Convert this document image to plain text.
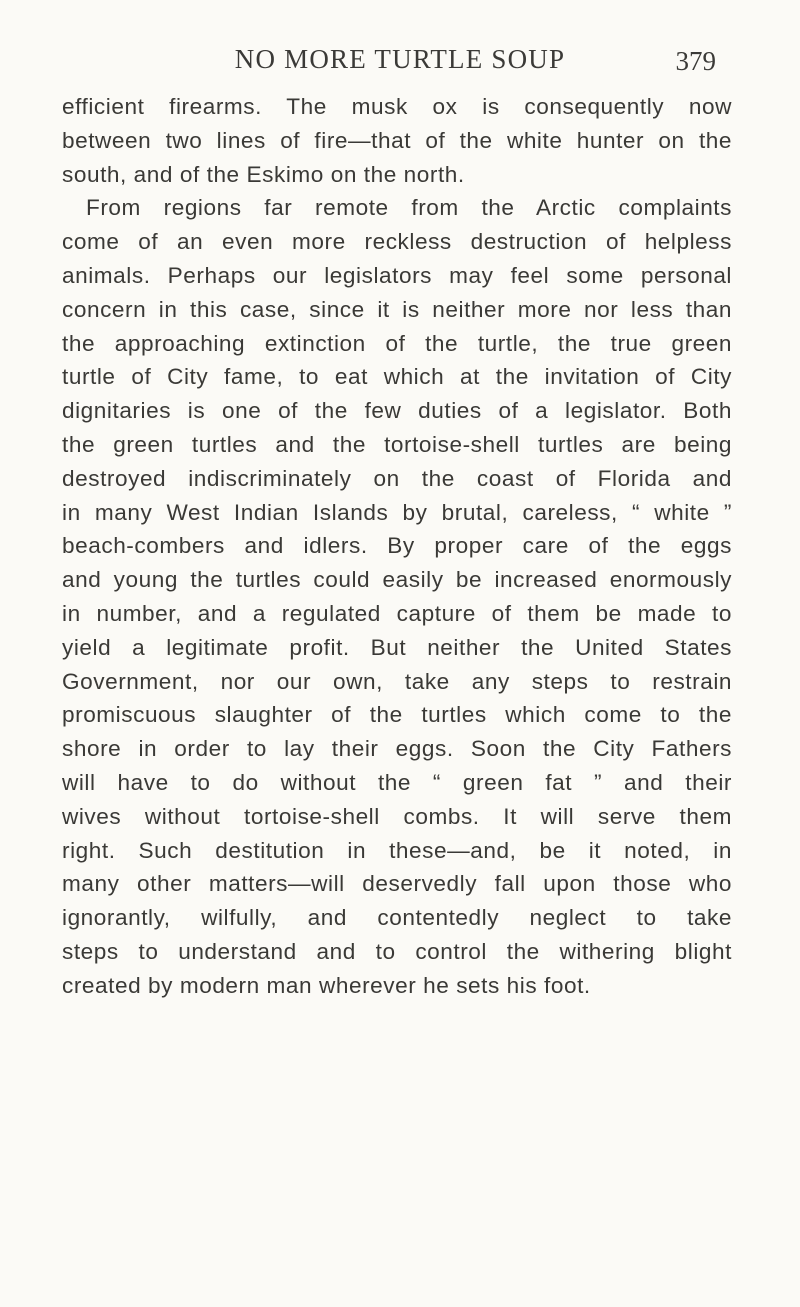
NO MORE TURTLE SOUP	379
efficient firearms. The musk ox is consequently now
between two lines of fire—that of the white hunter on the
south, and of the Eskimo on the north.
From regions far remote from the Arctic complaints
come of an even more reckless destruction of helpless
animals. Perhaps our legislators may feel some personal
concern in this case, since it is neither more nor less than
the approaching extinction of the turtle, the true green
turtle of City fame, to eat which at the invitation of City
dignitaries is one of the few duties of a legislator. Both
the green turtles and the tortoise-shell turtles are being
destroyed indiscriminately on the coast of Florida and
in many West Indian Islands by brutal, careless, “ white ”
beach-combers and idlers. By proper care of the eggs
and young the turtles could easily be increased enormously
in number, and a regulated capture of them be made to
yield a legitimate profit. But neither the United States
Government, nor our own, take any steps to restrain
promiscuous slaughter of the turtles which come to the
shore in order to lay their eggs. Soon the City Fathers
will have to do without the “ green fat ” and their
wives without tortoise-shell combs. It will serve them
right. Such destitution in these—and, be it noted, in
many other matters—will deservedly fall upon those who
ignorantly, wilfully, and contentedly neglect to take
steps to understand and to control the withering blight
created by modern man wherever he sets his foot.
